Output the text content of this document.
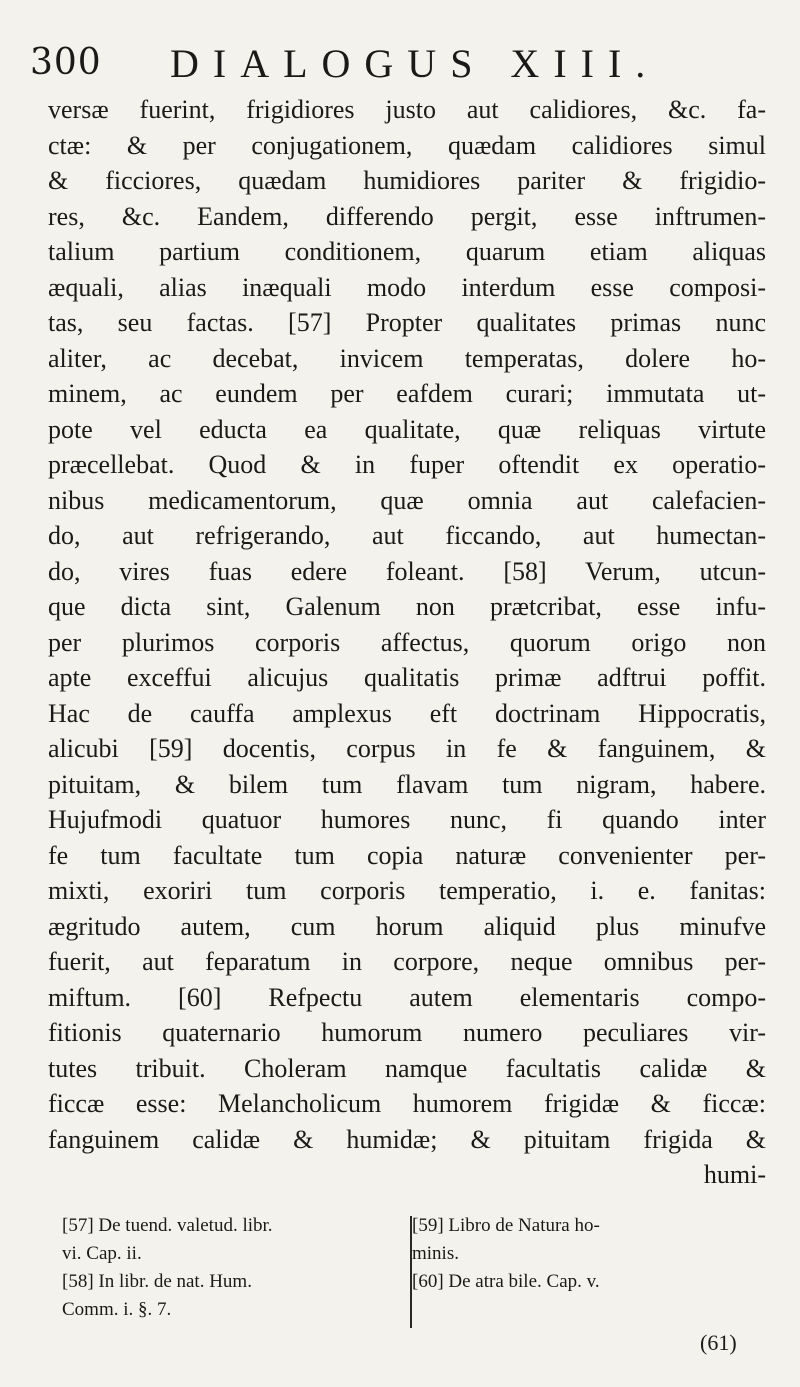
300 DIALOGUS XIII.
versæ fuerint, frigidiores justo aut calidiores, &c. fa-
ctæ: & per conjugationem, quædam calidiores simul
& ficciores, quædam humidiores pariter & frigidio-
res, &c. Eandem, differendo pergit, esse inftrumen-
talium partium conditionem, quarum etiam aliquas
æquali, alias inæquali modo interdum esse composi-
tas, seu factas. [57] Propter qualitates primas nunc
aliter, ac decebat, invicem temperatas, dolere ho-
minem, ac eundem per eafdem curari; immutata ut-
pote vel educta ea qualitate, quæ reliquas virtute
præcellebat. Quod & in fuper oftendit ex operatio-
nibus medicamentorum, quæ omnia aut calefacien-
do, aut refrigerando, aut ficcando, aut humectan-
do, vires fuas edere foleant. [58] Verum, utcun-
que dicta sint, Galenum non prætcribat, esse infu-
per plurimos corporis affectus, quorum origo non
apte exceffui alicujus qualitatis primæ adftrui poffit.
Hac de cauffa amplexus eft doctrinam Hippocratis,
alicubi [59] docentis, corpus in fe & fanguinem, &
pituitam, & bilem tum flavam tum nigram, habere.
Hujufmodi quatuor humores nunc, fi quando inter
fe tum facultate tum copia naturæ convenienter per-
mixti, exoriri tum corporis temperatio, i. e. fanitas:
ægritudo autem, cum horum aliquid plus minufve
fuerit, aut feparatum in corpore, neque omnibus per-
miftum. [60] Refpectu autem elementaris compo-
fitionis quaternario humorum numero peculiares vir-
tutes tribuit. Choleram namque facultatis calidæ &
ficcæ esse: Melancholicum humorem frigidæ & ficcæ:
fanguinem calidæ & humidæ; & pituitam frigida &
humi-
[57] De tuend. valetud. libr.
vi. Cap. ii.
[58] In libr. de nat. Hum.
Comm. i. §. 7.
[59] Libro de Natura ho-
minis.
[60] De atra bile. Cap. v.
(61)
